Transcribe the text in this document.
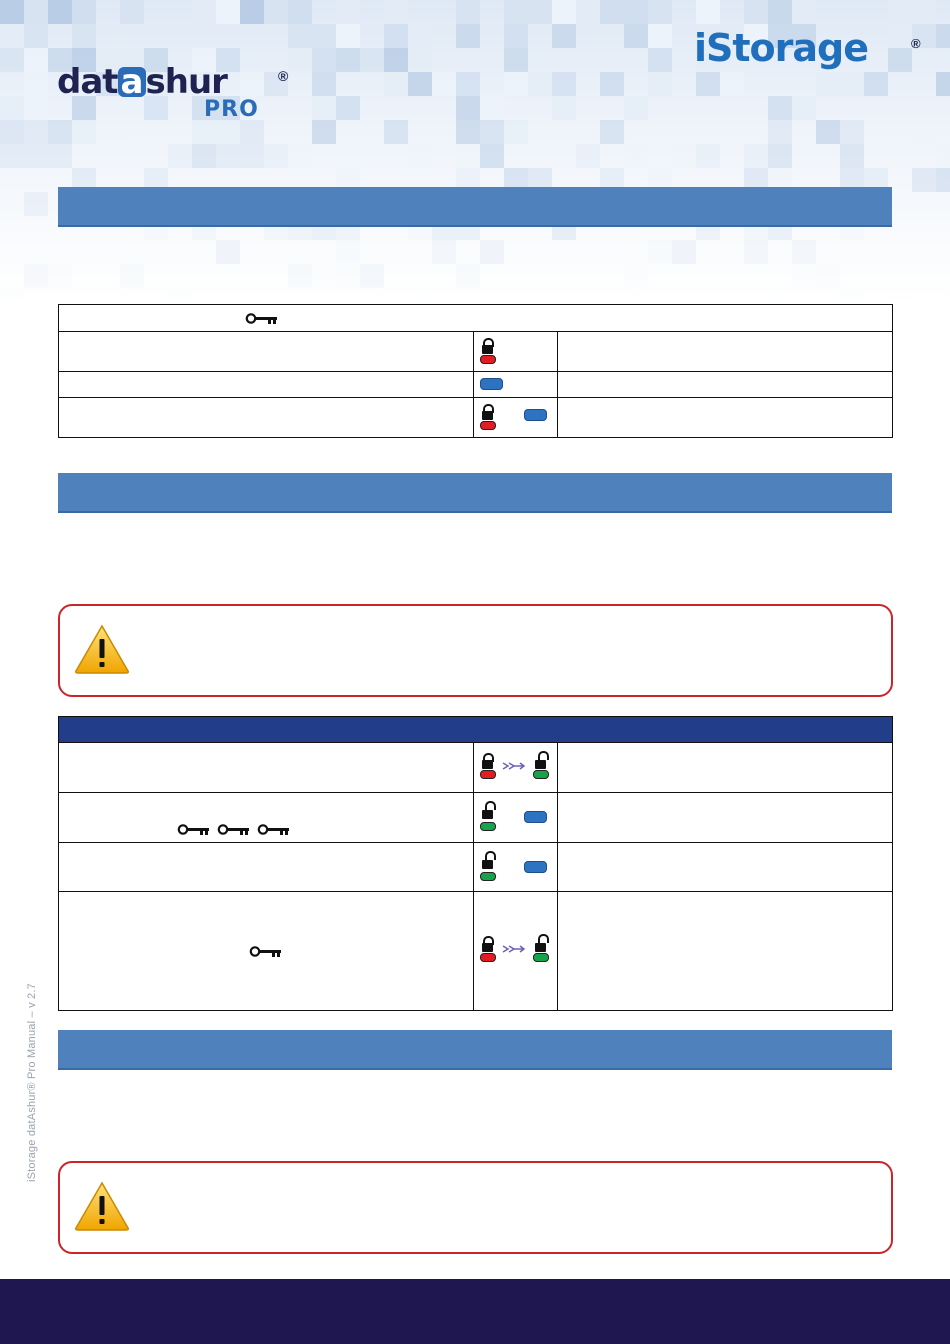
datashur	®
PRO
iStorage	®

iStorage datAshur® Pro Manual – v 2.7
